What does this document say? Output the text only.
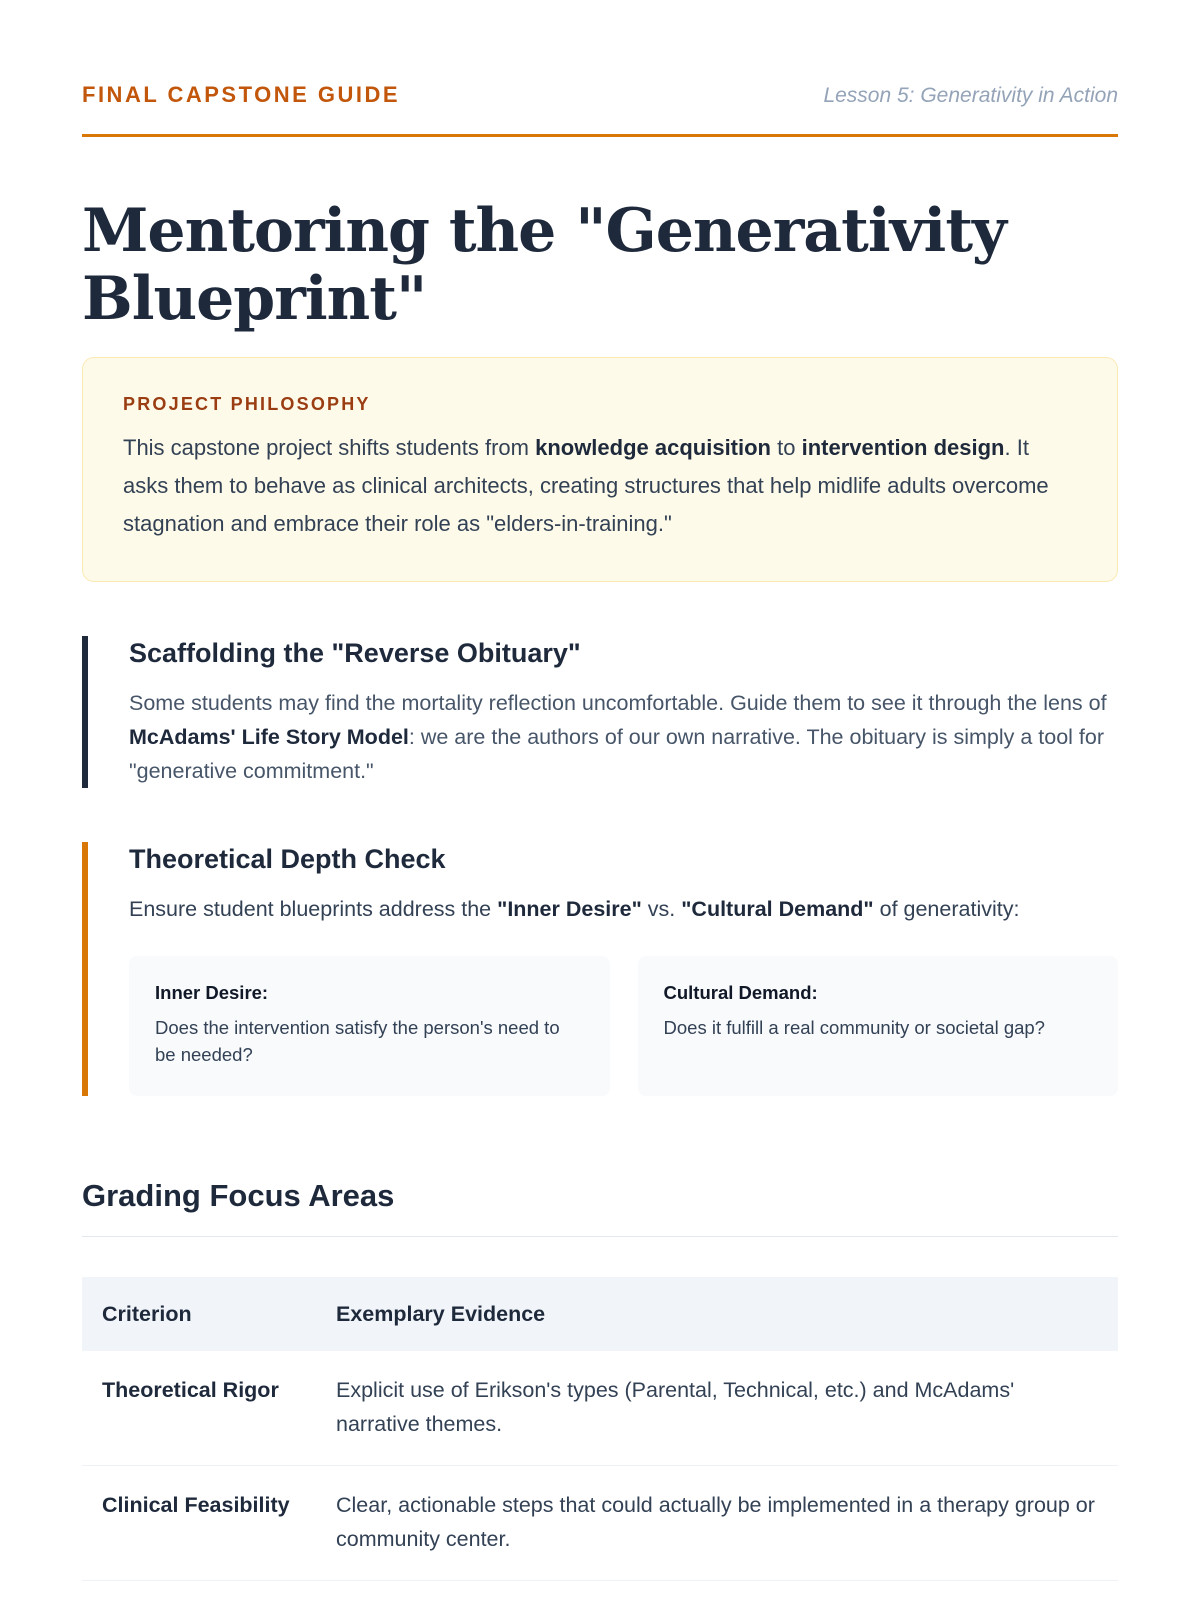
FINAL CAPSTONE GUIDE	Lesson 5: Generativity in Action
Mentoring the "Generativity Blueprint"
PROJECT PHILOSOPHY
This capstone project shifts students from knowledge acquisition to intervention design. It asks them to behave as clinical architects, creating structures that help midlife adults overcome stagnation and embrace their role as "elders-in-training."
Scaffolding the "Reverse Obituary"

Some students may find the mortality reflection uncomfortable. Guide them to see it through the lens of McAdams' Life Story Model: we are the authors of our own narrative. The obituary is simply a tool for "generative commitment."

Theoretical Depth Check

Ensure student blueprints address the "Inner Desire" vs. "Cultural Demand" of generativity:

Inner Desire:
Does the intervention satisfy the person's need to be needed?
Cultural Demand:
Does it fulfill a real community or societal gap?
Grading Focus Areas
Criterion	Exemplary Evidence
Theoretical Rigor	Explicit use of Erikson's types (Parental, Technical, etc.) and McAdams' narrative themes.
Clinical Feasibility	Clear, actionable steps that could actually be implemented in a therapy group or community center.
